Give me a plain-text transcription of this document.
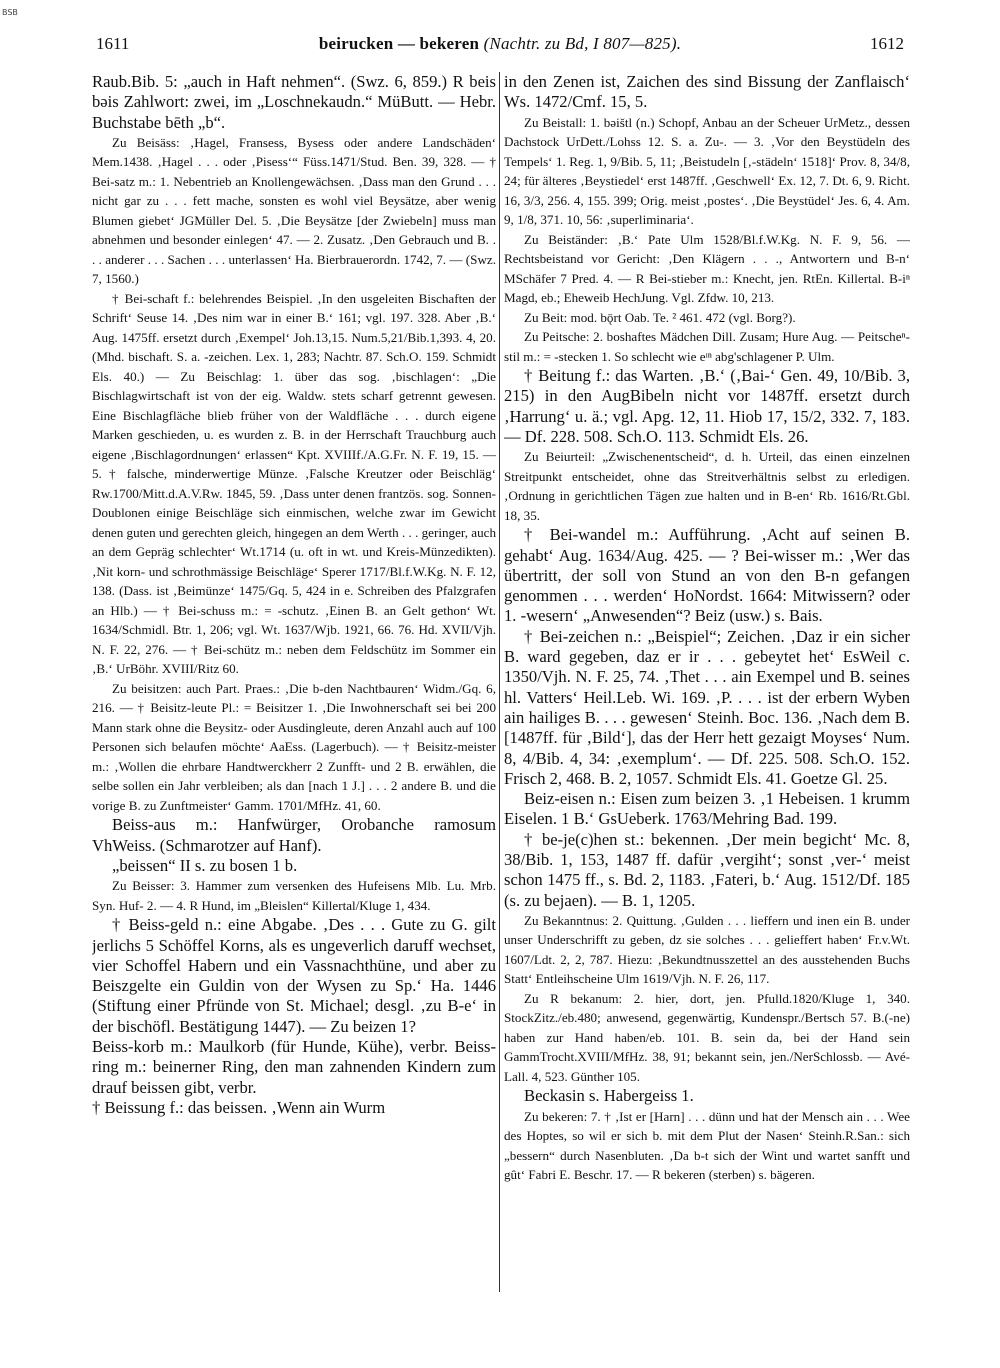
BSB
1611	beirucken — bekeren (Nachtr. zu Bd, I 807—825).	1612

Raub.Bib. 5: „auch in Haft nehmen“. (Swz. 6, 859.) R beis bəis Zahlwort: zwei, im „Loschnekaudn.“ MüButt. — Hebr. Buchstabe bēth „b“.

Zu Beisäss: ‚Hagel, Fransess, Bysess oder andere Landschäden‘ Mem.1438. ‚Hagel . . . oder ‚Pisess‘“ Füss.1471/Stud. Ben. 39, 328. — † Bei-satz m.: 1. Nebentrieb an Knollengewächsen. ‚Dass man den Grund . . . nicht gar zu . . . fett mache, sonsten es wohl viel Beysätze, aber wenig Blumen giebet‘ JGMüller Del. 5. ‚Die Beysätze [der Zwiebeln] muss man abnehmen und besonder einlegen‘ 47. — 2. Zusatz. ‚Den Gebrauch und B. . . . anderer . . . Sachen . . . unterlassen‘ Ha. Bierbrauerordn. 1742, 7. — (Swz. 7, 1560.)

† Bei-schaft f.: belehrendes Beispiel. ‚In den usgeleiten Bischaften der Schrift‘ Seuse 14. ‚Des nim war in einer B.‘ 161; vgl. 197. 328. Aber ‚B.‘ Aug. 1475ff. ersetzt durch ‚Exempel‘ Joh.13,15. Num.5,21/Bib.1,393. 4, 20. (Mhd. bischaft. S. a. -zeichen. Lex. 1, 283; Nachtr. 87. Sch.O. 159. Schmidt Els. 40.) — Zu Beischlag: 1. über das sog. ‚bischlagen‘: „Die Bischlagwirtschaft ist von der eig. Waldw. stets scharf getrennt gewesen. Eine Bischlagfläche blieb früher von der Waldfläche . . . durch eigene Marken geschieden, u. es wurden z. B. in der Herrschaft Trauchburg auch eigene ‚Bischlagordnungen‘ erlassen“ Kpt. XVIIIf./A.G.Fr. N. F. 19, 15. — 5. † falsche, minderwertige Münze. ‚Falsche Kreutzer oder Beischläg‘ Rw.1700/Mitt.d.A.V.Rw. 1845, 59. ‚Dass unter denen frantzös. sog. Sonnen-Doublonen einige Beischläge sich einmischen, welche zwar im Gewicht denen guten und gerechten gleich, hingegen an dem Werth . . . geringer, auch an dem Gepräg schlechter‘ Wt.1714 (u. oft in wt. und Kreis-Münzedikten). ‚Nit korn- und schrothmässige Beischläge‘ Sperer 1717/Bl.f.W.Kg. N. F. 12, 138. (Dass. ist ‚Beimünze‘ 1475/Gq. 5, 424 in e. Schreiben des Pfalzgrafen an Hlb.) — † Bei-schuss m.: = -schutz. ‚Einen B. an Gelt gethon‘ Wt. 1634/Schmidl. Btr. 1, 206; vgl. Wt. 1637/Wjb. 1921, 66. 76. Hd. XVII/Vjh. N. F. 22, 276. — † Bei-schütz m.: neben dem Feldschütz im Sommer ein ‚B.‘ UrBöhr. XVIII/Ritz 60.

Zu beisitzen: auch Part. Praes.: ‚Die b-den Nachtbauren‘ Widm./Gq. 6, 216. — † Beisitz-leute Pl.: = Beisitzer 1. ‚Die Inwohnerschaft sei bei 200 Mann stark ohne die Beysitz- oder Ausdingleute, deren Anzahl auch auf 100 Personen sich belaufen möchte‘ AaEss. (Lagerbuch). — † Beisitz-meister m.: ‚Wollen die ehrbare Handtwerckherr 2 Zunfft- und 2 B. erwählen, die selbe sollen ein Jahr verbleiben; als dan [nach 1 J.] . . . 2 andere B. und die vorige B. zu Zunftmeister‘ Gamm. 1701/MfHz. 41, 60.

Beiss-aus m.: Hanfwürger, Orobanche ramosum VhWeiss. (Schmarotzer auf Hanf).

„beissen“ II s. zu bosen 1 b.

Zu Beisser: 3. Hammer zum versenken des Hufeisens Mlb. Lu. Mrb. Syn. Huf- 2. — 4. R Hund, im „Bleislen“ Killertal/Kluge 1, 434.

† Beiss-geld n.: eine Abgabe. ‚Des . . . Gute zu G. gilt jerlichs 5 Schöffel Korns, als es ungeverlich daruff wechset, vier Schoffel Habern und ein Vassnachthüne, und aber zu Beiszgelte ein Guldin von der Wysen zu Sp.‘ Ha. 1446 (Stiftung einer Pfründe von St. Michael; desgl. ‚zu B-e‘ in der bischöfl. Bestätigung 1447). — Zu beizen 1?

Beiss-korb m.: Maulkorb (für Hunde, Kühe), verbr. Beiss-ring m.: beinerner Ring, den man zahnenden Kindern zum drauf beissen gibt, verbr.

† Beissung f.: das beissen. ‚Wenn ain Wurm

in den Zenen ist, Zaichen des sind Bissung der Zanflaisch‘ Ws. 1472/Cmf. 15, 5.

Zu Beistall: 1. bəištl (n.) Schopf, Anbau an der Scheuer UrMetz., dessen Dachstock UrDett./Lohss 12. S. a. Zu-. — 3. ‚Vor den Beystüdeln des Tempels‘ 1. Reg. 1, 9/Bib. 5, 11; ‚Beistudeln [‚-städeln‘ 1518]‘ Prov. 8, 34/8, 24; für älteres ‚Beystiedel‘ erst 1487ff. ‚Geschwell‘ Ex. 12, 7. Dt. 6, 9. Richt. 16, 3/3, 256. 4, 155. 399; Orig. meist ‚postes‘. ‚Die Beystüdel‘ Jes. 6, 4. Am. 9, 1/8, 371. 10, 56: ‚superliminaria‘.

Zu Beiständer: ‚B.‘ Pate Ulm 1528/Bl.f.W.Kg. N. F. 9, 56. — Rechtsbeistand vor Gericht: ‚Den Klägern . . ., Antwortern und B-n‘ MSchäfer 7 Pred. 4. — R Bei-stieber m.: Knecht, jen. RtEn. Killertal. B-iⁿ Magd, eb.; Eheweib HechJung. Vgl. Zfdw. 10, 213.

Zu Beit: mod. bǭrt Oab. Te. ² 461. 472 (vgl. Borg?).

Zu Peitsche: 2. boshaftes Mädchen Dill. Zusam; Hure Aug. — Peitscheⁿ-stil m.: = -stecken 1. So schlecht wie eᶦⁿ abg'schlagener P. Ulm.

† Beitung f.: das Warten. ‚B.‘ (‚Bai-‘ Gen. 49, 10/Bib. 3, 215) in den AugBibeln nicht vor 1487ff. ersetzt durch ‚Harrung‘ u. ä.; vgl. Apg. 12, 11. Hiob 17, 15/2, 332. 7, 183. — Df. 228. 508. Sch.O. 113. Schmidt Els. 26.

Zu Beiurteil: „Zwischenentscheid“, d. h. Urteil, das einen einzelnen Streitpunkt entscheidet, ohne das Streitverhältnis selbst zu erledigen. ‚Ordnung in gerichtlichen Tägen zue halten und in B-en‘ Rb. 1616/Rt.Gbl. 18, 35.

† Bei-wandel m.: Aufführung. ‚Acht auf seinen B. gehabt‘ Aug. 1634/Aug. 425. — ? Bei-wisser m.: ‚Wer das übertritt, der soll von Stund an von den B-n gefangen genommen . . . werden‘ HoNordst. 1664: Mitwissern? oder 1. -wesern‘ „Anwesenden“? Beiz (usw.) s. Bais.

† Bei-zeichen n.: „Beispiel“; Zeichen. ‚Daz ir ein sicher B. ward gegeben, daz er ir . . . gebeytet het‘ EsWeil c. 1350/Vjh. N. F. 25, 74. ‚Thet . . . ain Exempel und B. seines hl. Vatters‘ Heil.Leb. Wi. 169. ‚P. . . . ist der erbern Wyben ain hailiges B. . . . gewesen‘ Steinh. Boc. 136. ‚Nach dem B. [1487ff. für ‚Bild‘], das der Herr hett gezaigt Moyses‘ Num. 8, 4/Bib. 4, 34: ‚exemplum‘. — Df. 225. 508. Sch.O. 152. Frisch 2, 468. B. 2, 1057. Schmidt Els. 41. Goetze Gl. 25.

Beiz-eisen n.: Eisen zum beizen 3. ‚1 Hebeisen. 1 krumm Eiselen. 1 B.‘ GsUeberk. 1763/Mehring Bad. 199.

† be-je(c)hen st.: bekennen. ‚Der mein begicht‘ Mc. 8, 38/Bib. 1, 153, 1487 ff. dafür ‚vergiht‘; sonst ‚ver-‘ meist schon 1475 ff., s. Bd. 2, 1183. ‚Fateri, b.‘ Aug. 1512/Df. 185 (s. zu bejaen). — B. 1, 1205.

Zu Bekanntnus: 2. Quittung. ‚Gulden . . . lieffern und inen ein B. under unser Underschrifft zu geben, dz sie solches . . . gelieffert haben‘ Fr.v.Wt. 1607/Ldt. 2, 2, 787. Hiezu: ‚Bekundtnusszettel an des ausstehenden Buchs Statt‘ Entleihscheine Ulm 1619/Vjh. N. F. 26, 117.

Zu R bekanum: 2. hier, dort, jen. Pfulld.1820/Kluge 1, 340. StockZitz./eb.480; anwesend, gegenwärtig, Kundenspr./Bertsch 57. B.(-ne) haben zur Hand haben/eb. 101. B. sein da, bei der Hand sein GammTrocht.XVIII/MfHz. 38, 91; bekannt sein, jen./NerSchlossb. — Avé-Lall. 4, 523. Günther 105.

Beckasin s. Habergeiss 1.

Zu bekeren: 7. † ‚Ist er [Harn] . . . dünn und hat der Mensch ain . . . Wee des Hoptes, so wil er sich b. mit dem Plut der Nasen‘ Steinh.R.San.: sich „bessern“ durch Nasenbluten. ‚Da b-t sich der Wint und wartet sanfft und gût‘ Fabri E. Beschr. 17. — R bekeren (sterben) s. bägeren.
